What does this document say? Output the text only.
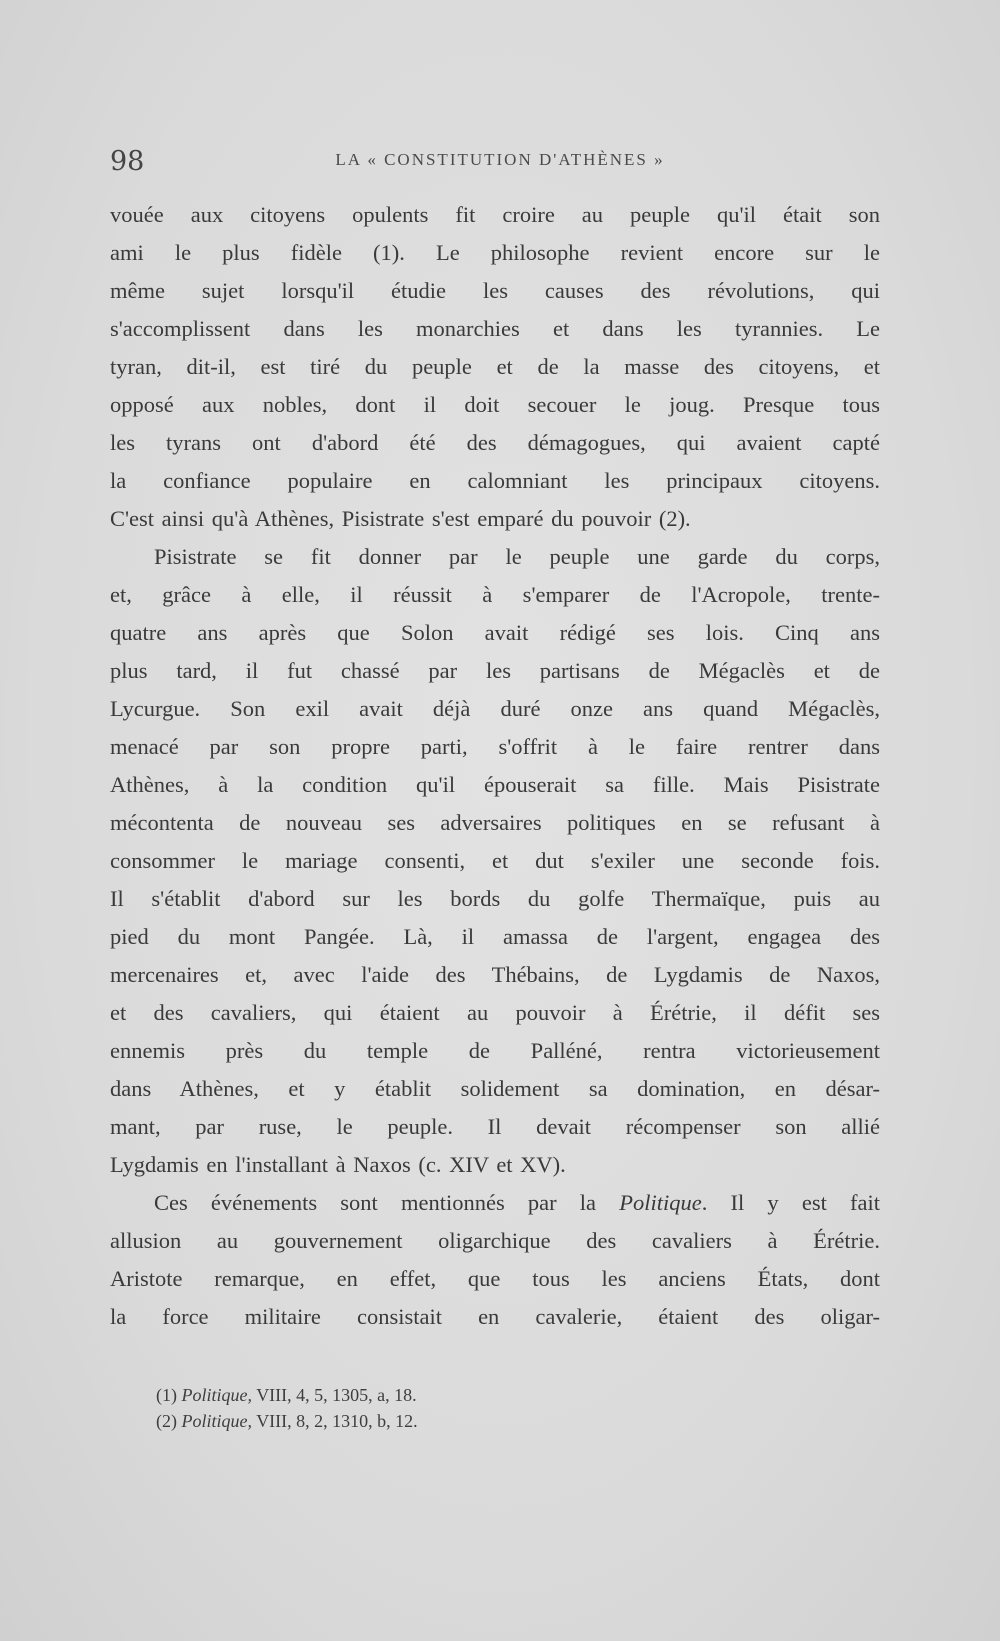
98	LA « CONSTITUTION D'ATHÈNES »
vouée aux citoyens opulents fit croire au peuple qu'il était son
ami le plus fidèle (1). Le philosophe revient encore sur le
même sujet lorsqu'il étudie les causes des révolutions, qui
s'accomplissent dans les monarchies et dans les tyrannies. Le
tyran, dit-il, est tiré du peuple et de la masse des citoyens, et
opposé aux nobles, dont il doit secouer le joug. Presque tous
les tyrans ont d'abord été des démagogues, qui avaient capté
la confiance populaire en calomniant les principaux citoyens.
C'est ainsi qu'à Athènes, Pisistrate s'est emparé du pouvoir (2).
Pisistrate se fit donner par le peuple une garde du corps,
et, grâce à elle, il réussit à s'emparer de l'Acropole, trente-
quatre ans après que Solon avait rédigé ses lois. Cinq ans
plus tard, il fut chassé par les partisans de Mégaclès et de
Lycurgue. Son exil avait déjà duré onze ans quand Mégaclès,
menacé par son propre parti, s'offrit à le faire rentrer dans
Athènes, à la condition qu'il épouserait sa fille. Mais Pisistrate
mécontenta de nouveau ses adversaires politiques en se refusant à
consommer le mariage consenti, et dut s'exiler une seconde fois.
Il s'établit d'abord sur les bords du golfe Thermaïque, puis au
pied du mont Pangée. Là, il amassa de l'argent, engagea des
mercenaires et, avec l'aide des Thébains, de Lygdamis de Naxos,
et des cavaliers, qui étaient au pouvoir à Érétrie, il défit ses
ennemis près du temple de Palléné, rentra victorieusement
dans Athènes, et y établit solidement sa domination, en désar-
mant, par ruse, le peuple. Il devait récompenser son allié
Lygdamis en l'installant à Naxos (c. XIV et XV).
Ces événements sont mentionnés par la Politique. Il y est fait
allusion au gouvernement oligarchique des cavaliers à Érétrie.
Aristote remarque, en effet, que tous les anciens États, dont
la force militaire consistait en cavalerie, étaient des oligar-
(1) Politique, VIII, 4, 5, 1305, a, 18.
(2) Politique, VIII, 8, 2, 1310, b, 12.
